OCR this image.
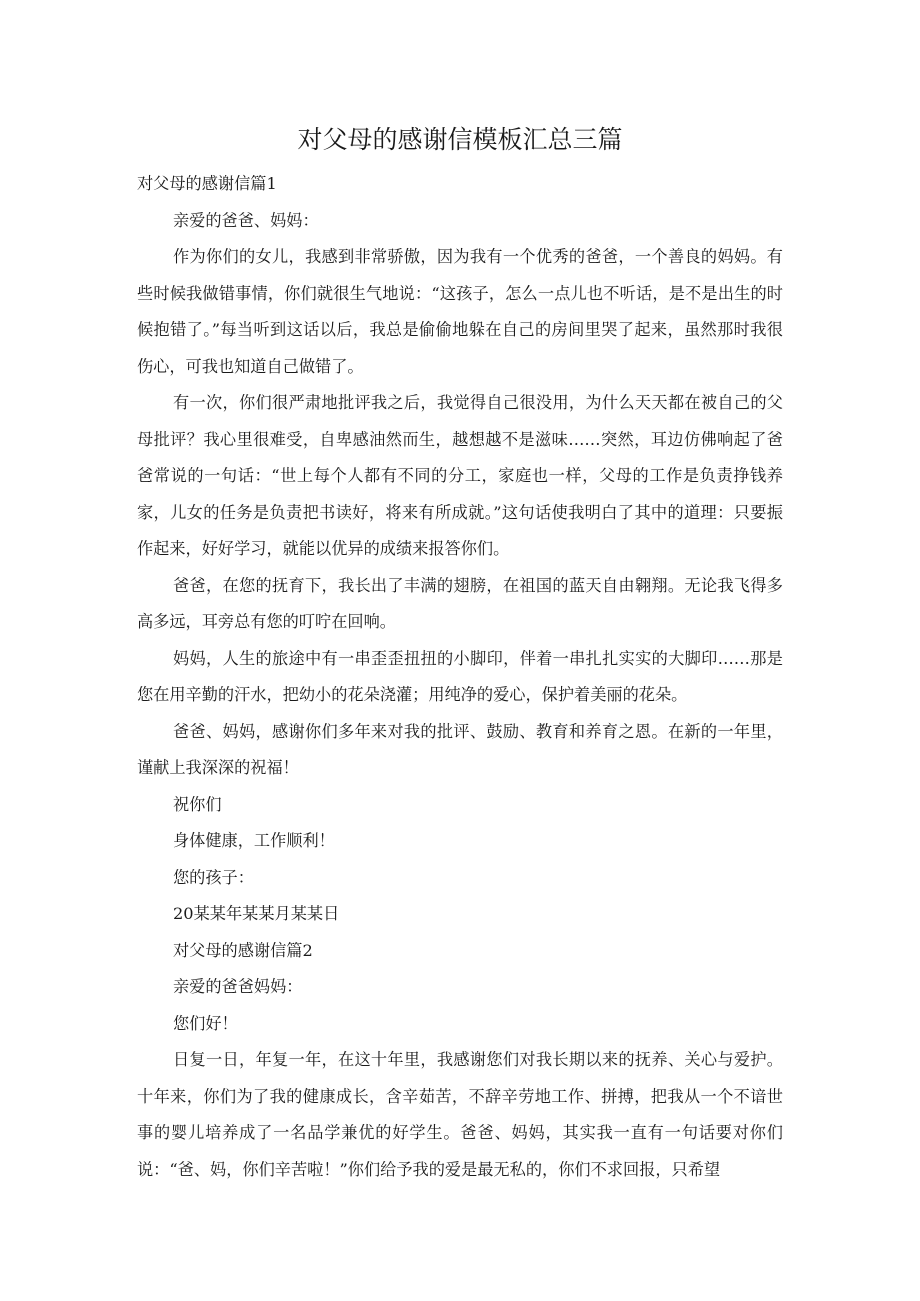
对父母的感谢信模板汇总三篇

对父母的感谢信篇1

亲爱的爸爸、妈妈：

作为你们的女儿，我感到非常骄傲，因为我有一个优秀的爸爸，一个善良的妈妈。有些时候我做错事情，你们就很生气地说：“这孩子，怎么一点儿也不听话，是不是出生的时候抱错了。”每当听到这话以后，我总是偷偷地躲在自己的房间里哭了起来，虽然那时我很伤心，可我也知道自己做错了。

有一次，你们很严肃地批评我之后，我觉得自己很没用，为什么天天都在被自己的父母批评？我心里很难受，自卑感油然而生，越想越不是滋味……突然，耳边仿佛响起了爸爸常说的一句话：“世上每个人都有不同的分工，家庭也一样，父母的工作是负责挣钱养家，儿女的任务是负责把书读好，将来有所成就。”这句话使我明白了其中的道理：只要振作起来，好好学习，就能以优异的成绩来报答你们。

爸爸，在您的抚育下，我长出了丰满的翅膀，在祖国的蓝天自由翱翔。无论我飞得多高多远，耳旁总有您的叮咛在回响。

妈妈，人生的旅途中有一串歪歪扭扭的小脚印，伴着一串扎扎实实的大脚印……那是您在用辛勤的汗水，把幼小的花朵浇灌；用纯净的爱心，保护着美丽的花朵。

爸爸、妈妈，感谢你们多年来对我的批评、鼓励、教育和养育之恩。在新的一年里，谨献上我深深的祝福！

祝你们

身体健康，工作顺利！

您的孩子：

20某某年某某月某某日

对父母的感谢信篇2

亲爱的爸爸妈妈：

您们好！

日复一日，年复一年，在这十年里，我感谢您们对我长期以来的抚养、关心与爱护。十年来，你们为了我的健康成长，含辛茹苦，不辞辛劳地工作、拼搏，把我从一个不谙世事的婴儿培养成了一名品学兼优的好学生。爸爸、妈妈，其实我一直有一句话要对你们说：“爸、妈，你们辛苦啦！”你们给予我的爱是最无私的，你们不求回报，只希望
